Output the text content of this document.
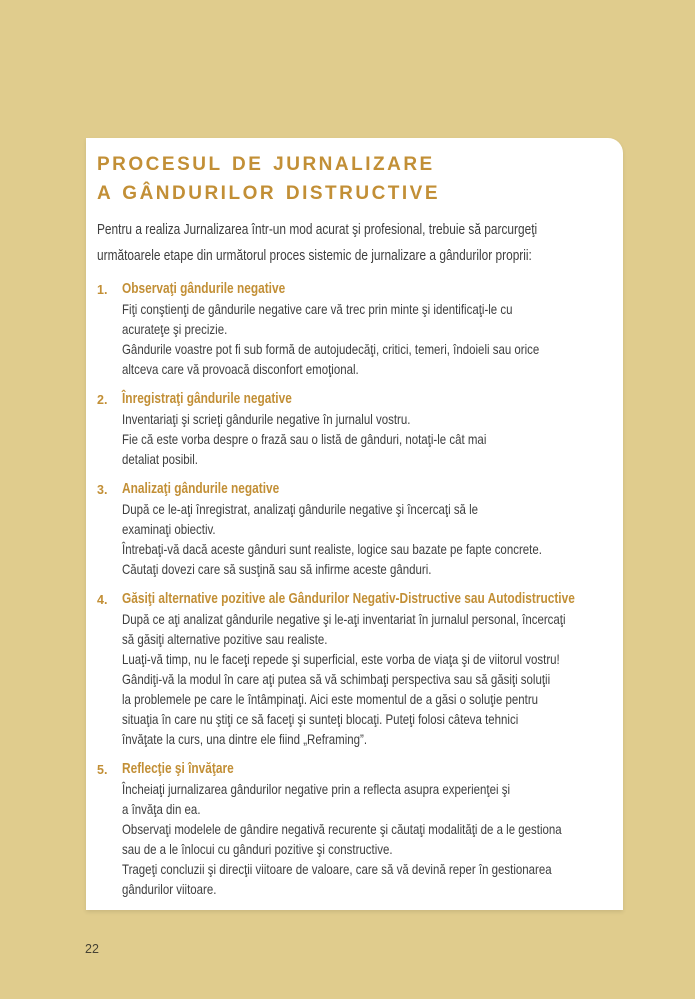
PROCESUL DE JURNALIZARE
A GÂNDURILOR DISTRUCTIVE
Pentru a realiza Jurnalizarea într-un mod acurat şi profesional, trebuie să parcurgeţi
următoarele etape din următorul proces sistemic de jurnalizare a gândurilor proprii:
1.	Observaţi gândurile negative
Fiţi conştienţi de gândurile negative care vă trec prin minte şi identificaţi-le cu
acurateţe şi precizie.
Gândurile voastre pot fi sub formă de autojudecăţi, critici, temeri, îndoieli sau orice
altceva care vă provoacă disconfort emoţional.
2.	Înregistraţi gândurile negative
Inventariaţi şi scrieţi gândurile negative în jurnalul vostru.
Fie că este vorba despre o frază sau o listă de gânduri, notaţi-le cât mai
detaliat posibil.
3.	Analizaţi gândurile negative
După ce le-aţi înregistrat, analizaţi gândurile negative şi încercaţi să le
examinaţi obiectiv.
Întrebaţi-vă dacă aceste gânduri sunt realiste, logice sau bazate pe fapte concrete.
Căutaţi dovezi care să susţină sau să infirme aceste gânduri.
4.	Găsiţi alternative pozitive ale Gândurilor Negativ-Distructive sau Autodistructive
După ce aţi analizat gândurile negative şi le-aţi inventariat în jurnalul personal, încercaţi
să găsiţi alternative pozitive sau realiste.
Luaţi-vă timp, nu le faceţi repede şi superficial, este vorba de viaţa şi de viitorul vostru!
Gândiţi-vă la modul în care aţi putea să vă schimbaţi perspectiva sau să găsiţi soluţii
la problemele pe care le întâmpinaţi. Aici este momentul de a găsi o soluţie pentru
situaţia în care nu ştiţi ce să faceţi şi sunteţi blocaţi. Puteţi folosi câteva tehnici
învăţate la curs, una dintre ele fiind „Reframing”.
5.	Reflecţie şi învăţare
Încheiaţi jurnalizarea gândurilor negative prin a reflecta asupra experienţei şi
a învăţa din ea.
Observaţi modelele de gândire negativă recurente şi căutaţi modalităţi de a le gestiona
sau de a le înlocui cu gânduri pozitive şi constructive.
Trageţi concluzii şi direcţii viitoare de valoare, care să vă devină reper în gestionarea
gândurilor viitoare.
22
